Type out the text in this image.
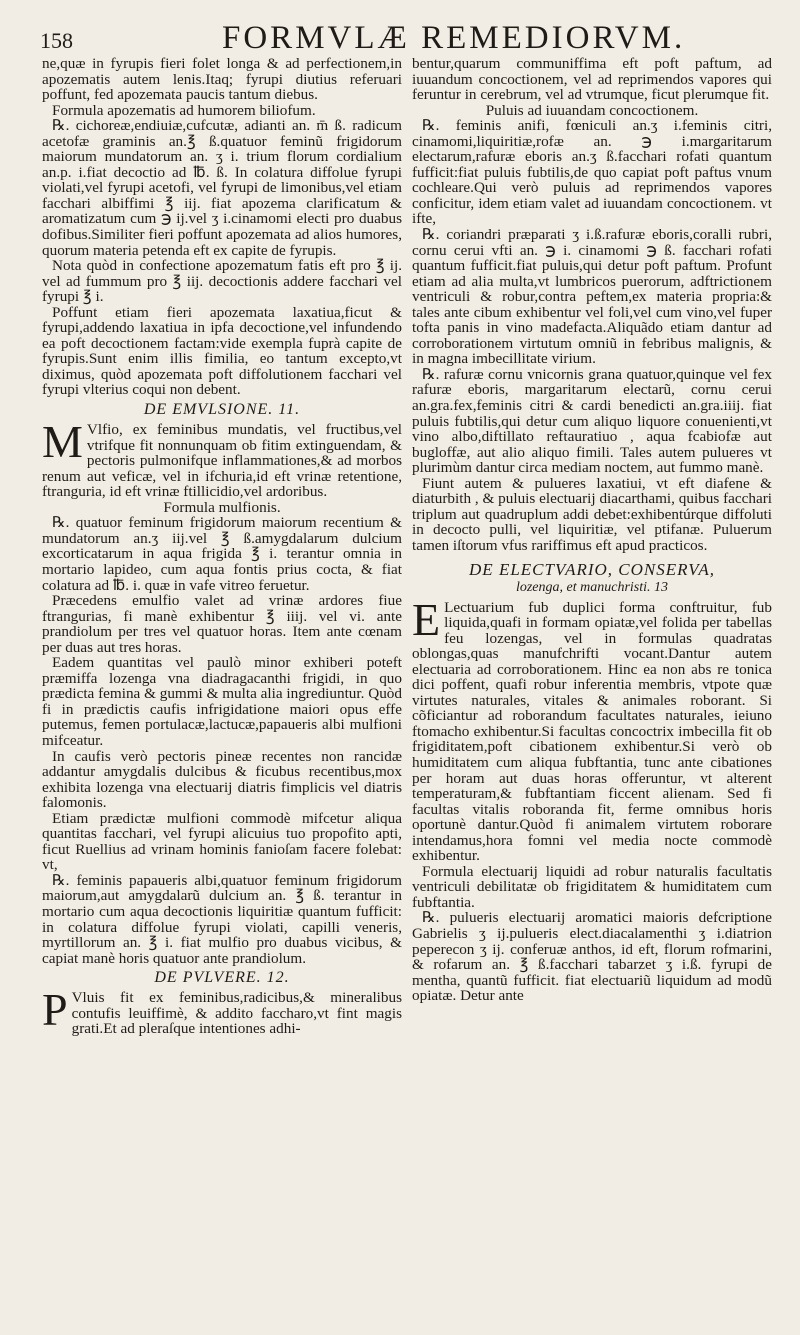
158	FORMVLÆ REMEDIORVM.

ne,quæ in fyrupis fieri folet longa & ad perfectionem,in apozematis autem lenis.Itaq; fyrupi diutius referuari poffunt, fed apozemata paucis tantum diebus.

Formula apozematis ad humorem biliofum.

℞. cichoreæ,endiuiæ,cufcutæ, adianti an. m̄ ß. radicum acetofæ graminis an.℥ ß.quatuor feminũ frigidorum maiorum mundatorum an. ʒ i. trium florum cordialium an.p. i.fiat decoctio ad ℔. ß. In colatura diffolue fyrupi violati,vel fyrupi acetofi, vel fyrupi de limonibus,vel etiam facchari albiffimi ℥ iij. fiat apozema clarificatum & aromatizatum cum ℈ ij.vel ʒ i.cinamomi electi pro duabus dofibus.Similiter fieri poffunt apozemata ad alios humores, quorum materia petenda eft ex capite de fyrupis.

Nota quòd in confectione apozematum fatis eft pro ℥ ij. vel ad fummum pro ℥ iij. decoctionis addere facchari vel fyrupi ℥ i.

Poffunt etiam fieri apozemata laxatiua,ficut & fyrupi,addendo laxatiua in ipfa decoctione,vel infundendo ea poft decoctionem factam:vide exempla fuprà capite de fyrupis.Sunt enim illis fimilia, eo tantum excepto,vt diximus, quòd apozemata poft diffolutionem facchari vel fyrupi vlterius coqui non debent.

DE EMVLSIONE. 11.

M Vlfio, ex feminibus mundatis, vel fructibus,vel vtrifque fit nonnunquam ob fitim extinguendam, & pectoris pulmonifque inflammationes,& ad morbos renum aut veficæ, vel in ifchuria,id eft vrinæ retentione, ftranguria, id eft vrinæ ftillicidio,vel ardoribus.

Formula mulfionis.

℞. quatuor feminum frigidorum maiorum recentium & mundatorum an.ʒ iij.vel ℥ ß.amygdalarum dulcium excorticatarum in aqua frigida ℥ i. terantur omnia in mortario lapideo, cum aqua fontis prius cocta, & fiat colatura ad ℔. i. quæ in vafe vitreo feruetur.

Præcedens emulfio valet ad vrinæ ardores fiue ftrangurias, fi manè exhibentur ℥ iiij. vel vi. ante prandiolum per tres vel quatuor horas. Item ante cœnam per duas aut tres horas.

Eadem quantitas vel paulò minor exhiberi poteft præmiffa lozenga vna diadragacanthi frigidi, in quo prædicta femina & gummi & multa alia ingrediuntur. Quòd fi in prædictis caufis infrigidatione maiori opus effe putemus, femen portulacæ,lactucæ,papaueris albi mulfioni mifceatur.

In caufis verò pectoris pineæ recentes non rancidæ addantur amygdalis dulcibus & ficubus recentibus,mox exhibita lozenga vna electuarij diatris fimplicis vel diatris falomonis.

Etiam prædictæ mulfioni commodè mifcetur aliqua quantitas facchari, vel fyrupi alicuius tuo propofito apti, ficut Ruellius ad vrinam hominis fanioſam facere folebat: vt,

℞. feminis papaueris albi,quatuor feminum frigidorum maiorum,aut amygdalarũ dulcium an. ℥ ß. terantur in mortario cum aqua decoctionis liquiritiæ quantum fufficit: in colatura diffolue fyrupi violati, capilli veneris, myrtillorum an. ℥ i. fiat mulfio pro duabus vicibus, & capiat manè horis quatuor ante prandiolum.

DE PVLVERE. 12.

P Vluis fit ex feminibus,radicibus,& mineralibus contufis leuiffimè, & addito faccharo,vt fint magis grati.Et ad pleraſque intentiones adhi-

bentur,quarum communiffima eft poft paftum, ad iuuandum concoctionem, vel ad reprimendos vapores qui feruntur in cerebrum, vel ad vtrumque, ficut plerumque fit.

Puluis ad iuuandam concoctionem.

℞. feminis anifi, fœniculi an.ʒ i.feminis citri, cinamomi,liquiritiæ,rofæ an. ℈ i.margaritarum electarum,rafuræ eboris an.ʒ ß.facchari rofati quantum fufficit:fiat puluis fubtilis,de quo capiat poft paftus vnum cochleare.Qui verò puluis ad reprimendos vapores conficitur, idem etiam valet ad iuuandam concoctionem. vt ifte,

℞. coriandri præparati ʒ i.ß.rafuræ eboris,coralli rubri, cornu cerui vfti an. ℈ i. cinamomi ℈ ß. facchari rofati quantum fufficit.fiat puluis,qui detur poft paftum. Profunt etiam ad alia multa,vt lumbricos puerorum, adftrictionem ventriculi & robur,contra peftem,ex materia propria:& tales ante cibum exhibentur vel foli,vel cum vino,vel fuper tofta panis in vino madefacta.Aliquãdo etiam dantur ad corroborationem virtutum omniũ in febribus malignis, & in magna imbecillitate virium.

℞. rafuræ cornu vnicornis grana quatuor,quinque vel fex rafuræ eboris, margaritarum electarũ, cornu cerui an.gra.fex,feminis citri & cardi benedicti an.gra.iiij. fiat puluis fubtilis,qui detur cum aliquo liquore conuenienti,vt vino albo,diftillato reftauratiuo , aqua fcabiofæ aut bugloffæ, aut alio aliquo fimili. Tales autem pulueres vt plurimùm dantur circa mediam noctem, aut fummo manè.

Fiunt autem & pulueres laxatiui, vt eft diafene & diaturbith , & puluis electuarij diacarthami, quibus facchari triplum aut quadruplum addi debet:exhibentúrque diffoluti in decocto pulli, vel liquiritiæ, vel ptifanæ. Puluerum tamen iſtorum vfus rariffimus eft apud practicos.

DE ELECTVARIO, CONSERVA,

lozenga, et manuchristi. 13

E Lectuarium fub duplici forma conftruitur, fub liquida,quafi in formam opiatæ,vel folida per tabellas feu lozengas, vel in formulas quadratas oblongas,quas manufchrifti vocant.Dantur autem electuaria ad corroborationem. Hinc ea non abs re tonica dici poffent, quafi robur inferentia membris, vtpote quæ virtutes naturales, vitales & animales roborant. Si cõficiantur ad roborandum facultates naturales, ieiuno ftomacho exhibentur.Si facultas concoctrix imbecilla fit ob frigiditatem,poft cibationem exhibentur.Si verò ob humiditatem cum aliqua fubftantia, tunc ante cibationes per horam aut duas horas offeruntur, vt alterent temperaturam,& fubftantiam ficcent alienam. Sed fi facultas vitalis roboranda fit, ferme omnibus horis oportunè dantur.Quòd fi animalem virtutem roborare intendamus,hora fomni vel media nocte commodè exhibentur.

Formula electuarij liquidi ad robur naturalis facultatis ventriculi debilitatæ ob frigiditatem & humiditatem cum fubftantia.

℞. pulueris electuarij aromatici maioris defcriptione Gabrielis ʒ ij.pulueris elect.diacalamenthi ʒ i.diatrion peperecon ʒ ij. conferuæ anthos, id eft, florum rofmarini, & rofarum an. ℥ ß.facchari tabarzet ʒ i.ß. fyrupi de mentha, quantũ fufficit. fiat electuariũ liquidum ad modũ opiatæ. Detur ante
